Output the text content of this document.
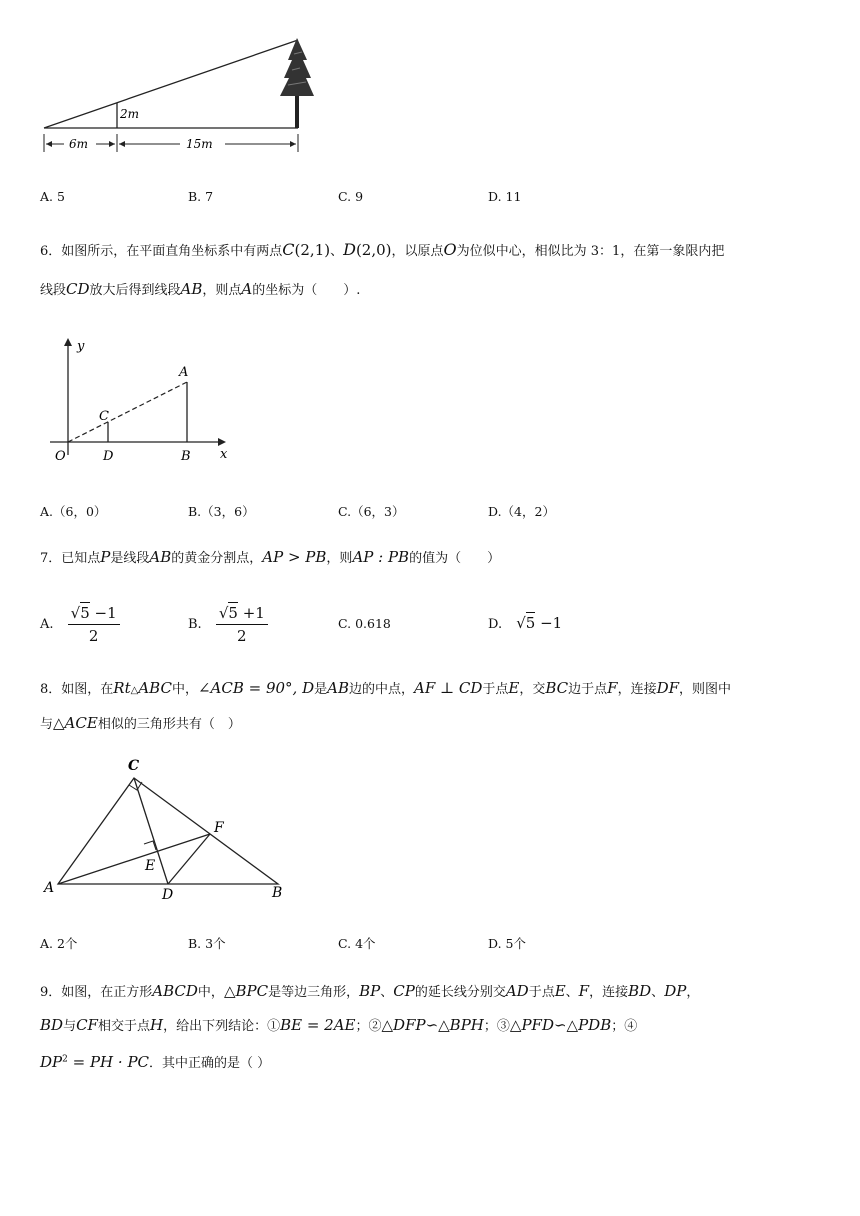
2m
6m	15m
A. 5	B. 7	C. 9	D. 11
6．如图所示，在平面直角坐标系中有两点C(2,1)、D(2,0)，以原点O为位似中心，相似比为 3：1，在第一象限内把
线段CD放大后得到线段AB，则点A的坐标为（　　）.
y
x
A
C
O	D	B
A.（6，0）	B.（3，6）	C.（6，3）	D.（4，2）
7．已知点P是线段AB的黄金分割点，AP > PB，则AP : PB的值为（　　）
A. $\frac{√5 -1}{2}$	B. $\frac{√5 +1}{2}$	C. 0.618	D. √5 −1
8．如图，在Rt△ABC中，∠ACB = 90°, D是AB边的中点，AF ⊥ CD于点E，交BC边于点F，连接DF，则图中
与△ACE相似的三角形共有（　）
C
F
E
A	D	B
A. 2个	B. 3个	C. 4个	D. 5个
9．如图，在正方形ABCD中，△BPC是等边三角形，BP、CP的延长线分别交AD于点E、F，连接BD、DP，
BD与CF相交于点H，给出下列结论：①BE = 2AE；②△DFP∽△BPH；③△PFD∽△PDB；④
$DP^2$ = PH · PC．其中正确的是（ ）
